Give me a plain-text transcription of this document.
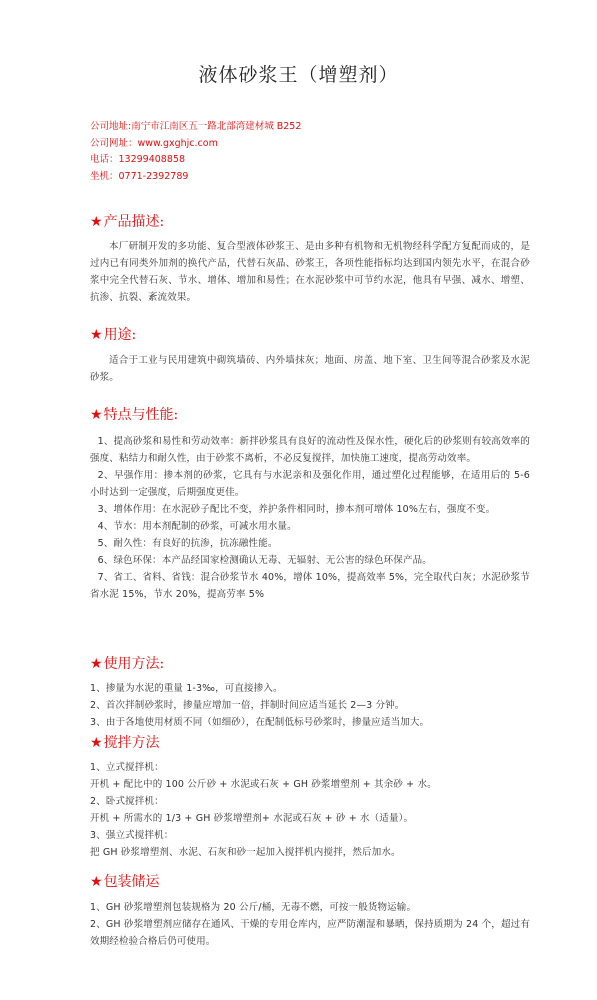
液体砂浆王（增塑剂）
公司地址:南宁市江南区五一路北部湾建材城 B252
公司网址：www.gxghjc.com
电话：13299408858
坐机：0771-2392789
★产品描述:
本厂研制开发的多功能、复合型液体砂浆王、是由多种有机物和无机物经科学配方复配而成的，是过内已有同类外加剂的换代产品，代替石灰晶、砂浆王，各项性能指标均达到国内领先水平，在混合砂浆中完全代替石灰、节水、增体、增加和易性；在水泥砂浆中可节约水泥，他具有早强、减水、增塑、抗渗、抗裂、紊流效果。
★用途:
适合于工业与民用建筑中砌筑墙砖、内外墙抹灰；地面、房盖、地下室、卫生间等混合砂浆及水泥砂浆。
★特点与性能:
1、提高砂浆和易性和劳动效率：新拌砂浆具有良好的流动性及保水性，硬化后的砂浆则有较高效率的强度、粘结力和耐久性，由于砂浆不离析，不必反复搅拌，加快施工速度，提高劳动效率。
2、早强作用：掺本剂的砂浆，它具有与水泥亲和及强化作用，通过塑化过程能够，在适用后的 5-6 小时达到一定强度，后期强度更佳。
3、增体作用：在水泥砂子配比不变，养护条件相同时，掺本剂可增体 10%左右，强度不变。
4、节水：用本剂配制的砂浆，可减水用水量。
5、耐久性：有良好的抗渗，抗冻融性能。
6、绿色环保：本产品经国家检测确认无毒、无辐射、无公害的绿色环保产品。
7、省工、省料、省钱：混合砂浆节水 40%，增体 10%，提高效率 5%，完全取代白灰；水泥砂浆节省水泥 15%，节水 20%，提高劳率 5%
★使用方法:
1、掺量为水泥的重量 1-3‰，可直接掺入。
2、首次拌制砂浆时，掺量应增加一倍，拌制时间应适当延长 2—3 分钟。
3、由于各地使用材质不同（如细砂），在配制低标号砂浆时，掺量应适当加大。
★搅拌方法
1、立式搅拌机：
开机 + 配比中的 100 公斤砂 + 水泥或石灰 + GH 砂浆增塑剂 + 其余砂 + 水。
2、卧式搅拌机：
开机 + 所需水的 1/3 + GH 砂浆增塑剂+ 水泥或石灰 + 砂 + 水（适量）。
3、强立式搅拌机：
把 GH 砂浆增塑剂、水泥、石灰和砂一起加入搅拌机内搅拌，然后加水。
★包装储运
1、GH 砂浆增塑剂包装规格为 20 公斤/桶，无毒不燃，可按一般货物运输。
2、GH 砂浆增塑剂应储存在通风、干燥的专用仓库内，应严防潮湿和暴晒，保持质期为 24 个，超过有效期经检验合格后仍可使用。
